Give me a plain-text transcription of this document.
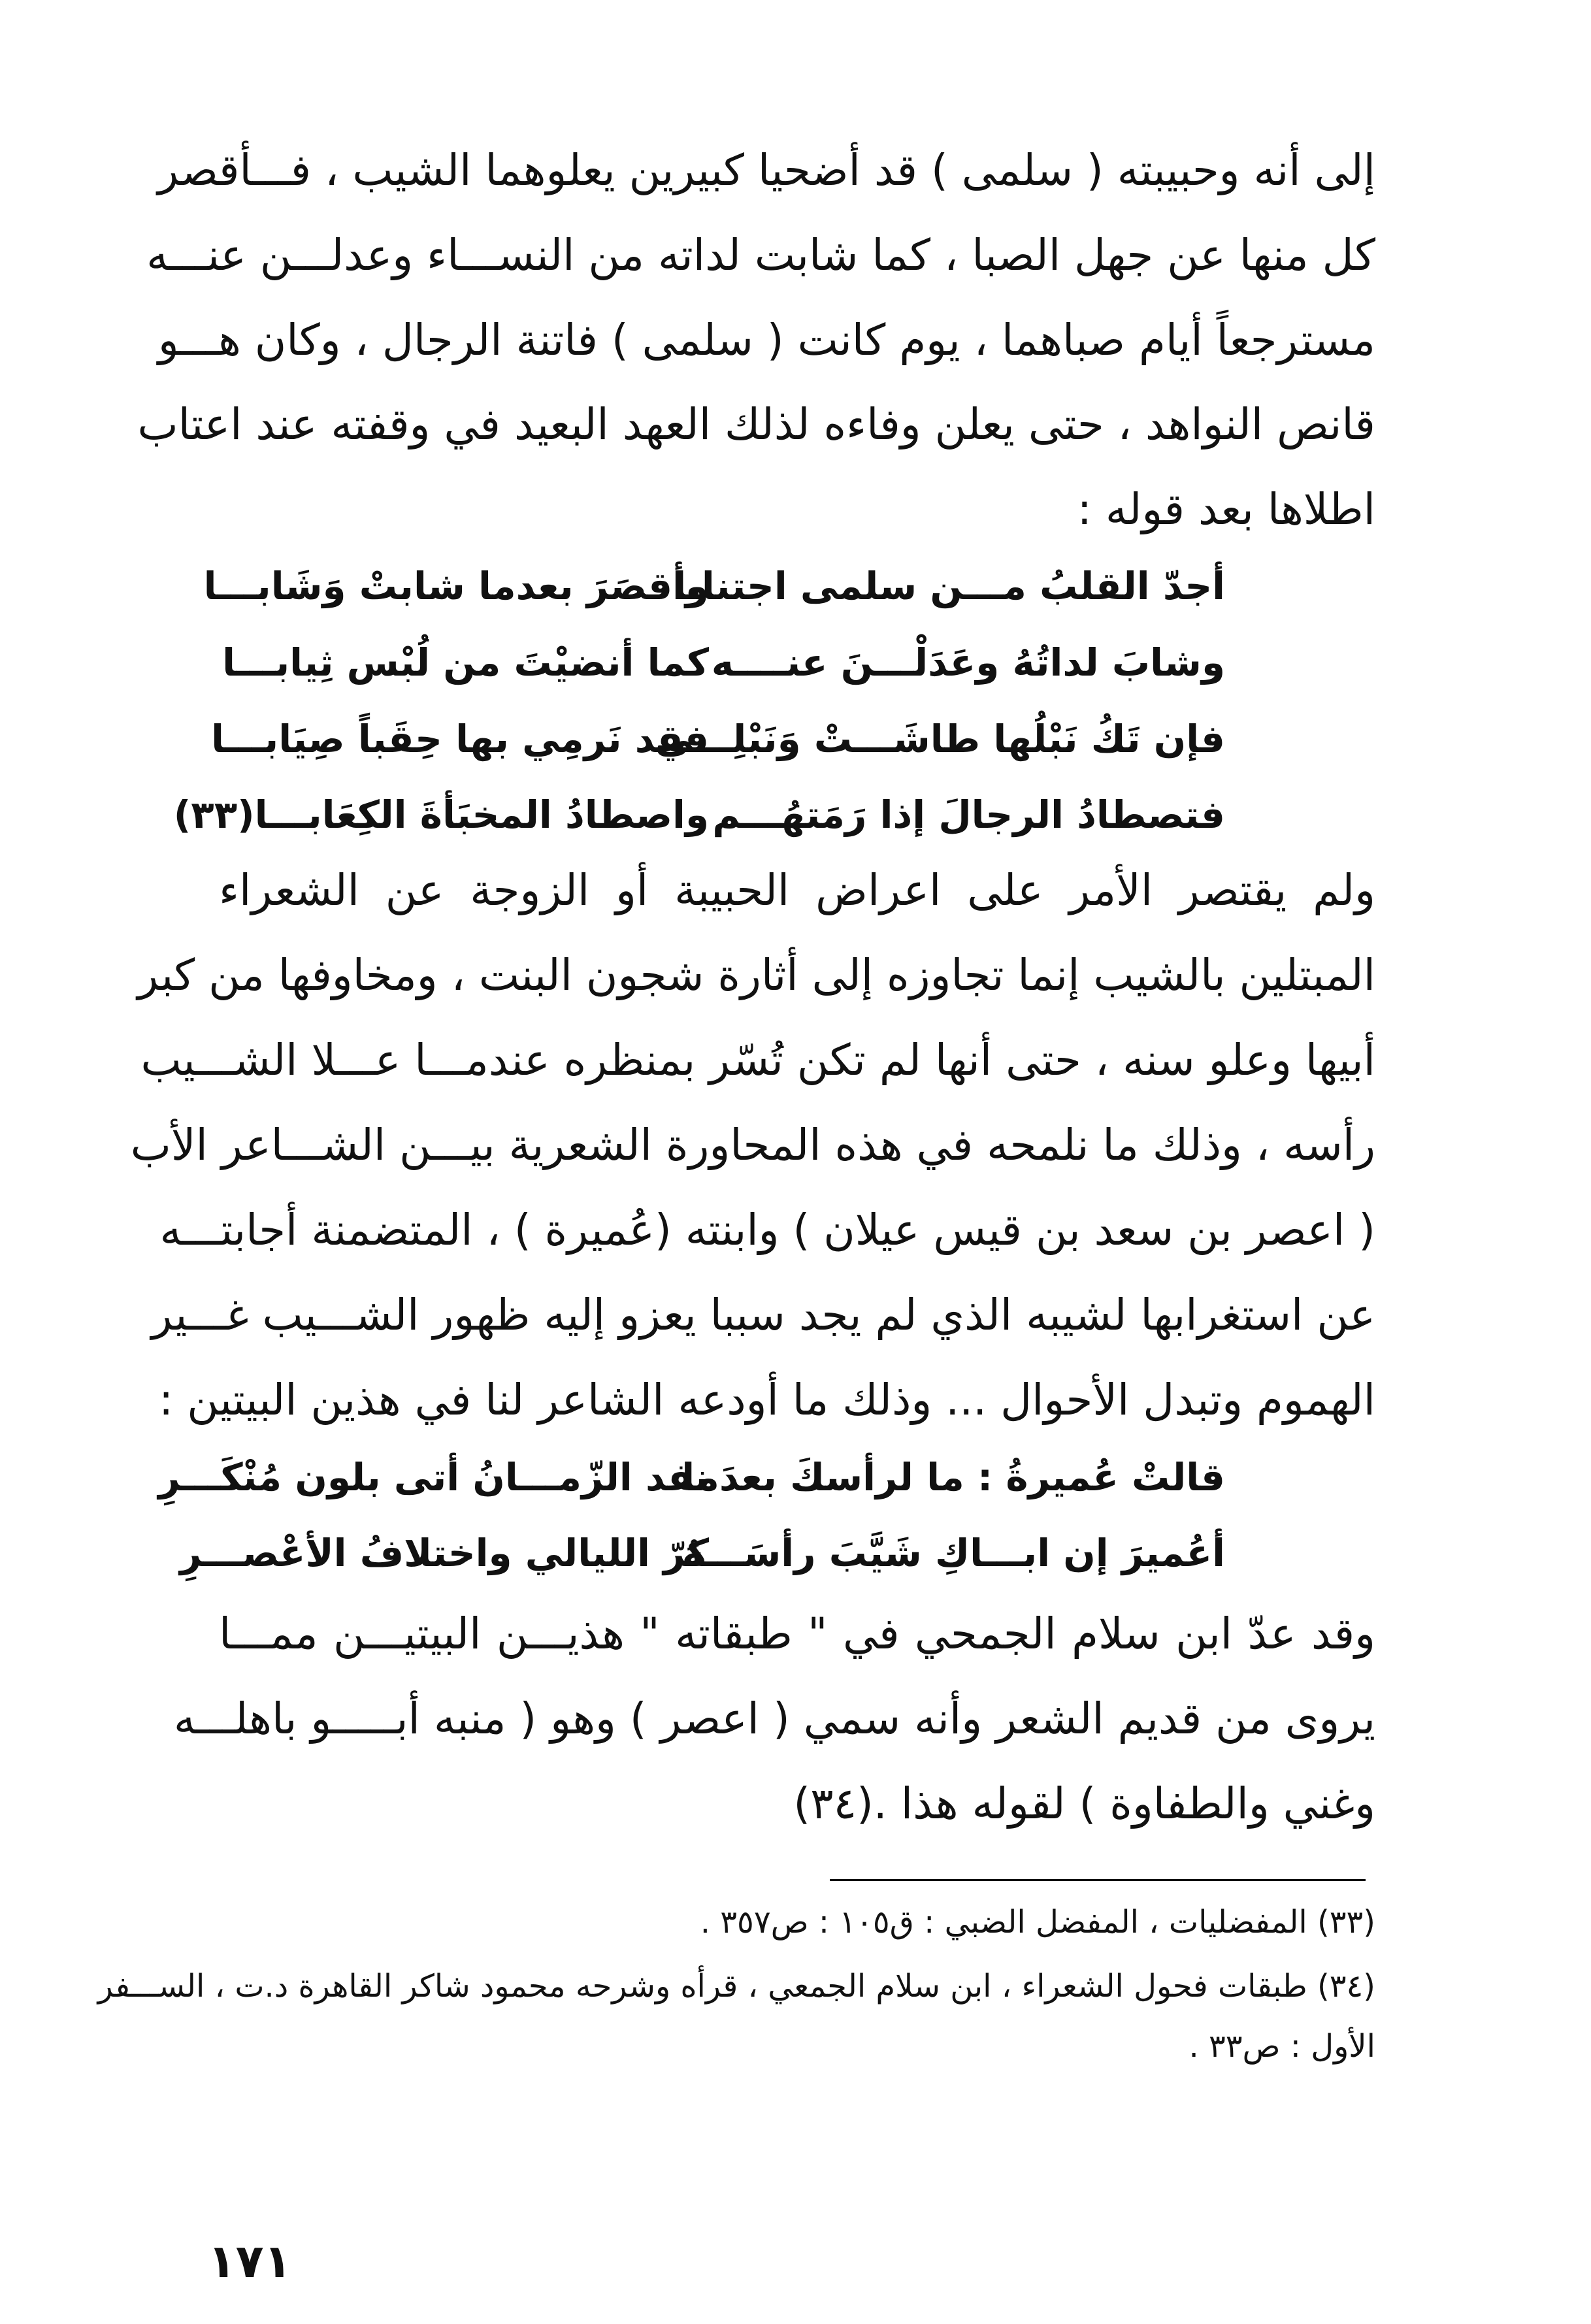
إلى أنه وحبيبته ( سلمى ) قد أضحيا كبيرين يعلوهما الشيب ، فـــأقصر
كل منها عن جهل الصبا ، كما شابت لداته من النســـاء وعدلـــن عنـــه
مسترجعاً أيام صباهما ، يوم كانت ( سلمى ) فاتنة الرجال ، وكان هـــو
قانص النواهد ، حتى يعلن وفاءه لذلك العهد البعيد في وقفته عند اعتاب
اطلاها بعد قوله :
أجدّ القلبُ مـــن سلمى اجتنابا
وأقصَرَ بعدما شابتْ وَشَابـــا
وشابَ لداتُهُ وعَدَلْـــنَ عنــــه
كما أنضيْتَ من لُبْس ثِيابـــا
فإن تَكُ نَبْلُها طاشَـــتْ وَنَبْلِـــي
فقد نَرمِي بها حِقَباً صِيَابـــا
فتصطادُ الرجالَ إذا رَمَتهُـــم
واصطادُ المخبَأةَ الكِعَابـــا(٣٣)
ولم يقتصر الأمر على اعراض الحبيبة أو الزوجة عن الشعراء
المبتلين بالشيب إنما تجاوزه إلى أثارة شجون البنت ، ومخاوفها من كبر
أبيها وعلو سنه ، حتى أنها لم تكن تُسّر بمنظره عندمـــا عـــلا الشـــيب
رأسه ، وذلك ما نلمحه في هذه المحاورة الشعرية بيـــن الشـــاعر الأب
( اعصر بن سعد بن قيس عيلان ) وابنته (عُميرة ) ، المتضمنة أجابتـــه
عن استغرابها لشيبه الذي لم يجد سببا يعزو إليه ظهور الشـــيب غـــير
الهموم وتبدل الأحوال ... وذلك ما أودعه الشاعر لنا في هذين البيتين :
قالتْ عُميرةُ : ما لرأسكَ بعدَما
نفد الزّمـــانُ أتى بلون مُنْكَـــرِ
أعُميرَ إن ابـــاكِ شَيَّبَ رأسَـــهُ
كرّ الليالي واختلافُ الأعْصـــرِ
وقد عدّ ابن سلام الجمحي في " طبقاته " هذيـــن البيتيـــن ممـــا
يروى من قديم الشعر وأنه سمي ( اعصر ) وهو ( منبه أبـــــو باهلـــه
وغني والطفاوة ) لقوله هذا .(٣٤)
(٣٣) المفضليات ، المفضل الضبي : ق١٠٥ : ص٣٥٧ .
(٣٤) طبقات فحول الشعراء ، ابن سلام الجمعي ، قرأه وشرحه محمود شاكر القاهرة د.ت ، الســـفر
الأول : ص٣٣ .
١٧١
